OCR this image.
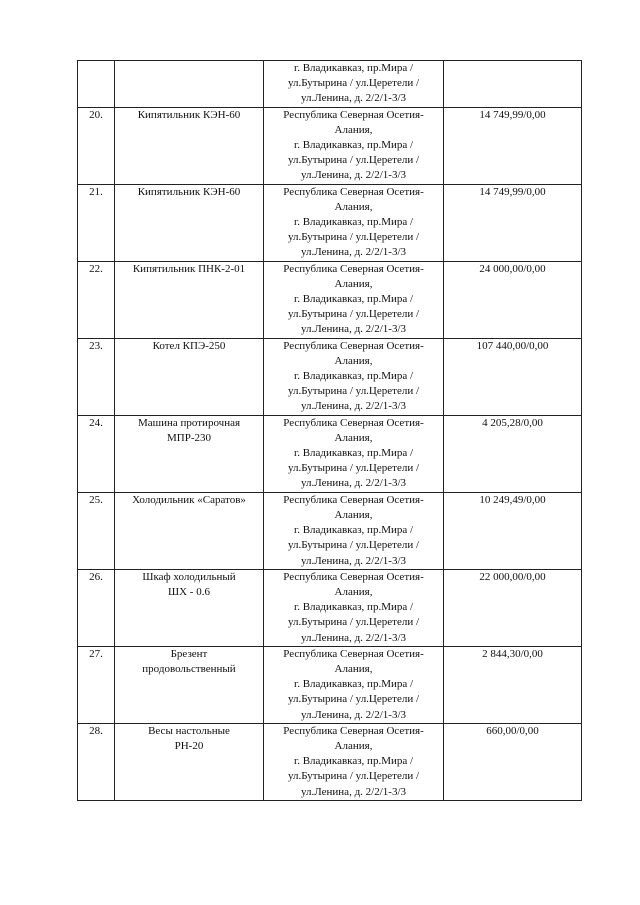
		г. Владикавказ, пр.Мира /
ул.Бутырина / ул.Церетели /
ул.Ленина, д. 2/2/1-3/3	

20.	Кипятильник КЭН-60	Республика Северная Осетия-
Алания,
г. Владикавказ, пр.Мира /
ул.Бутырина / ул.Церетели /
ул.Ленина, д. 2/2/1-3/3	14 749,99/0,00
21.	Кипятильник КЭН-60	Республика Северная Осетия-
Алания,
г. Владикавказ, пр.Мира /
ул.Бутырина / ул.Церетели /
ул.Ленина, д. 2/2/1-3/3	14 749,99/0,00
22.	Кипятильник ПНК-2-01	Республика Северная Осетия-
Алания,
г. Владикавказ, пр.Мира /
ул.Бутырина / ул.Церетели /
ул.Ленина, д. 2/2/1-3/3	24 000,00/0,00
23.	Котел КПЭ-250	Республика Северная Осетия-
Алания,
г. Владикавказ, пр.Мира /
ул.Бутырина / ул.Церетели /
ул.Ленина, д. 2/2/1-3/3	107 440,00/0,00
24.	Машина протирочная
МПР-230	Республика Северная Осетия-
Алания,
г. Владикавказ, пр.Мира /
ул.Бутырина / ул.Церетели /
ул.Ленина, д. 2/2/1-3/3	4 205,28/0,00
25.	Холодильник «Саратов»	Республика Северная Осетия-
Алания,
г. Владикавказ, пр.Мира /
ул.Бутырина / ул.Церетели /
ул.Ленина, д. 2/2/1-3/3	10 249,49/0,00
26.	Шкаф холодильный
ШХ - 0.6	Республика Северная Осетия-
Алания,
г. Владикавказ, пр.Мира /
ул.Бутырина / ул.Церетели /
ул.Ленина, д. 2/2/1-3/3	22 000,00/0,00
27.	Брезент
продовольственный	Республика Северная Осетия-
Алания,
г. Владикавказ, пр.Мира /
ул.Бутырина / ул.Церетели /
ул.Ленина, д. 2/2/1-3/3	2 844,30/0,00
28.	Весы настольные
РН-20	Республика Северная Осетия-
Алания,
г. Владикавказ, пр.Мира /
ул.Бутырина / ул.Церетели /
ул.Ленина, д. 2/2/1-3/3	660,00/0,00
